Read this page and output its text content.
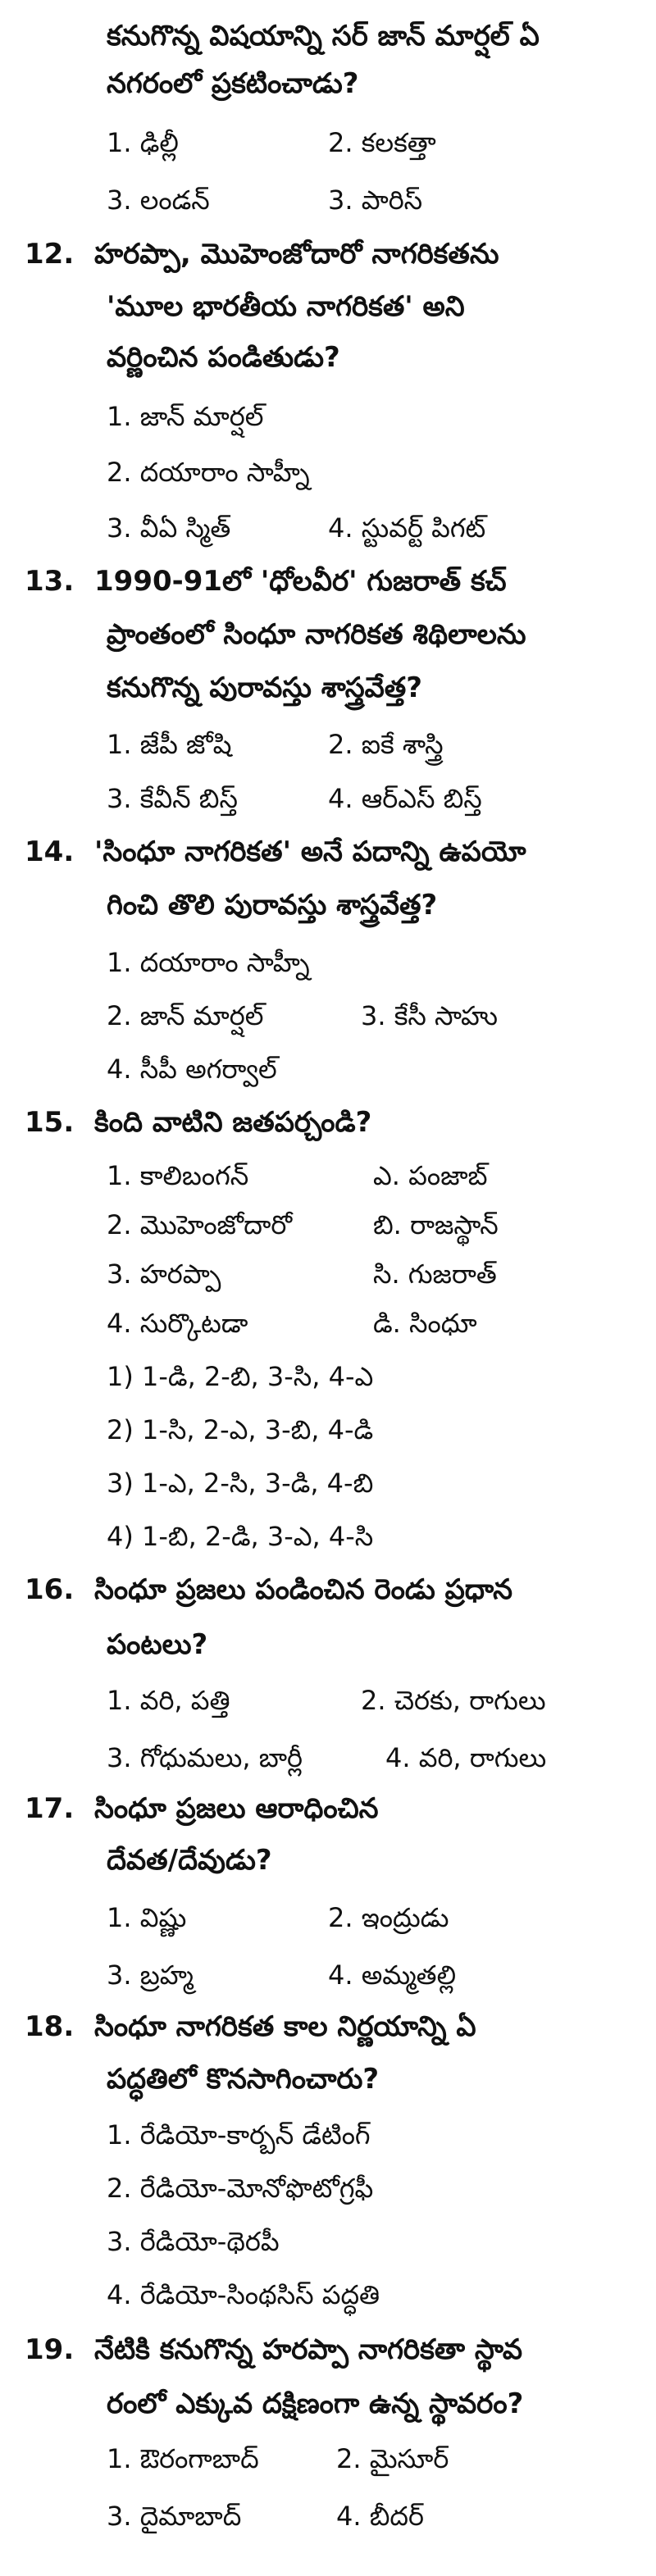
కనుగొన్న విషయాన్ని సర్ జాన్ మార్షల్ ఏ
నగరంలో ప్రకటించాడు?
1. ఢిల్లీ	2. కలకత్తా
3. లండన్	3. పారిస్
12. హరప్పా, మొహెంజోదారో నాగరికతను
'మూల భారతీయ నాగరికత' అని
వర్ణించిన పండితుడు?
1. జాన్ మార్షల్
2. దయారాం సాహ్నీ
3. వీఏ స్మిత్	4. స్టువర్ట్ పిగట్
13. 1990-91లో 'ధోలవీర' గుజరాత్ కచ్
ప్రాంతంలో సింధూ నాగరికత శిథిలాలను
కనుగొన్న పురావస్తు శాస్త్రవేత్త?
1. జేపీ జోషి	2. ఐకే శాస్త్రి
3. కేవీన్ బిస్త్	4. ఆర్ఎస్ బిస్త్
14. 'సింధూ నాగరికత' అనే పదాన్ని ఉపయో
గించి తొలి పురావస్తు శాస్త్రవేత్త?
1. దయారాం సాహ్నీ
2. జాన్ మార్షల్	3. కేసీ సాహు
4. సీపీ అగర్వాల్
15. కింది వాటిని జతపర్చండి?
1. కాలిబంగన్	ఎ. పంజాబ్
2. మొహెంజోదారో	బి. రాజస్థాన్
3. హరప్పా	సి. గుజరాత్
4. సుర్కొటడా	డి. సింధూ
1) 1-డి, 2-బి, 3-సి, 4-ఎ
2) 1-సి, 2-ఎ, 3-బి, 4-డి
3) 1-ఎ, 2-సి, 3-డి, 4-బి
4) 1-బి, 2-డి, 3-ఎ, 4-సి
16. సింధూ ప్రజలు పండించిన రెండు ప్రధాన
పంటలు?
1. వరి, పత్తి	2. చెరకు, రాగులు
3. గోధుమలు, బార్లీ	4. వరి, రాగులు
17. సింధూ ప్రజలు ఆరాధించిన
దేవత/దేవుడు?
1. విష్ణు	2. ఇంద్రుడు
3. బ్రహ్మ	4. అమ్మతల్లి
18. సింధూ నాగరికత కాల నిర్ణయాన్ని ఏ
పద్ధతిలో కొనసాగించారు?
1. రేడియో-కార్బన్ డేటింగ్
2. రేడియో-మోనోఫొటోగ్రఫీ
3. రేడియో-థెరపీ
4. రేడియో-సింథసిస్ పద్ధతి
19. నేటికి కనుగొన్న హరప్పా నాగరికతా స్థావ
రంలో ఎక్కువ దక్షిణంగా ఉన్న స్థావరం?
1. ఔరంగాబాద్	2. మైసూర్
3. దైమాబాద్	4. బీదర్
